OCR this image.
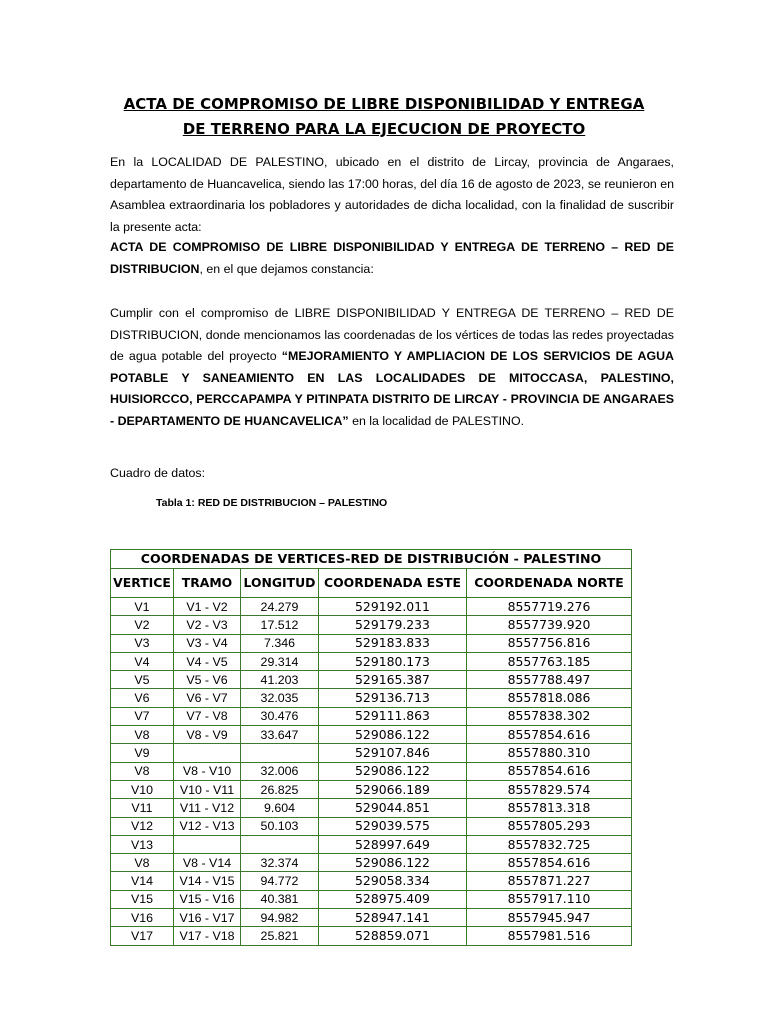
ACTA DE COMPROMISO DE LIBRE DISPONIBILIDAD Y ENTREGA
DE TERRENO PARA LA EJECUCION DE PROYECTO
En la LOCALIDAD DE PALESTINO, ubicado en el distrito de Lircay, provincia de Angaraes, departamento de Huancavelica, siendo las 17:00 horas, del día 16 de agosto de 2023, se reunieron en Asamblea extraordinaria los pobladores y autoridades de dicha localidad, con la finalidad de suscribir la presente acta:
ACTA DE COMPROMISO DE LIBRE DISPONIBILIDAD Y ENTREGA DE TERRENO – RED DE DISTRIBUCION, en el que dejamos constancia:
Cumplir con el compromiso de LIBRE DISPONIBILIDAD Y ENTREGA DE TERRENO – RED DE DISTRIBUCION, donde mencionamos las coordenadas de los vértices de todas las redes proyectadas de agua potable del proyecto “MEJORAMIENTO Y AMPLIACION DE LOS SERVICIOS DE AGUA POTABLE Y SANEAMIENTO EN LAS LOCALIDADES DE MITOCCASA, PALESTINO, HUISIORCCO, PERCCAPAMPA Y PITINPATA DISTRITO DE LIRCAY - PROVINCIA DE ANGARAES - DEPARTAMENTO DE HUANCAVELICA” en la localidad de PALESTINO.
Cuadro de datos:
Tabla 1: RED DE DISTRIBUCION – PALESTINO
COORDENADAS DE VERTICES-RED DE DISTRIBUCIÓN - PALESTINO				
VERTICE	TRAMO	LONGITUD	COORDENADA ESTE	COORDENADA NORTE
V1	V1 - V2	24.279	529192.011	8557719.276
V2	V2 - V3	17.512	529179.233	8557739.920
V3	V3 - V4	7.346	529183.833	8557756.816
V4	V4 - V5	29.314	529180.173	8557763.185
V5	V5 - V6	41.203	529165.387	8557788.497
V6	V6 - V7	32.035	529136.713	8557818.086
V7	V7 - V8	30.476	529111.863	8557838.302
V8	V8 - V9	33.647	529086.122	8557854.616
V9			529107.846	8557880.310
V8	V8 - V10	32.006	529086.122	8557854.616
V10	V10 - V11	26.825	529066.189	8557829.574
V11	V11 - V12	9.604	529044.851	8557813.318
V12	V12 - V13	50.103	529039.575	8557805.293
V13			528997.649	8557832.725
V8	V8 - V14	32.374	529086.122	8557854.616
V14	V14 - V15	94.772	529058.334	8557871.227
V15	V15 - V16	40.381	528975.409	8557917.110
V16	V16 - V17	94.982	528947.141	8557945.947
V17	V17 - V18	25.821	528859.071	8557981.516
